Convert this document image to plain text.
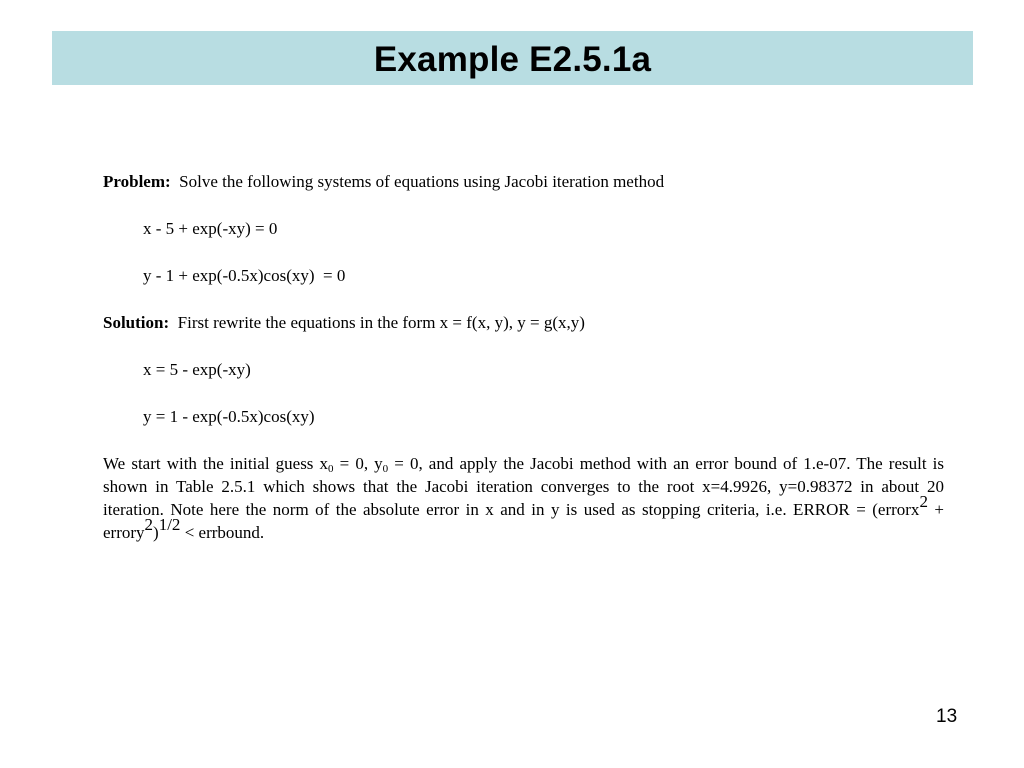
Example E2.5.1a
Problem: Solve the following systems of equations using Jacobi iteration method
x - 5 + exp(-xy) = 0
y - 1 + exp(-0.5x)cos(xy)  = 0
Solution: First rewrite the equations in the form x = f(x, y), y = g(x,y)
x = 5 - exp(-xy)
y = 1 - exp(-0.5x)cos(xy)
We start with the initial guess $x_0 = 0$, $y_0 = 0$, and apply the Jacobi method with an error bound of 1.e-07. The result is shown in Table 2.5.1 which shows that the Jacobi iteration converges to the root x=4.9926, y=0.98372 in about 20 iteration. Note here the norm of the absolute error in x and in y is used as stopping criteria, i.e. ERROR = (errorx$^2$ + errory$^2$)$^{1/2}$ < errbound.
13
